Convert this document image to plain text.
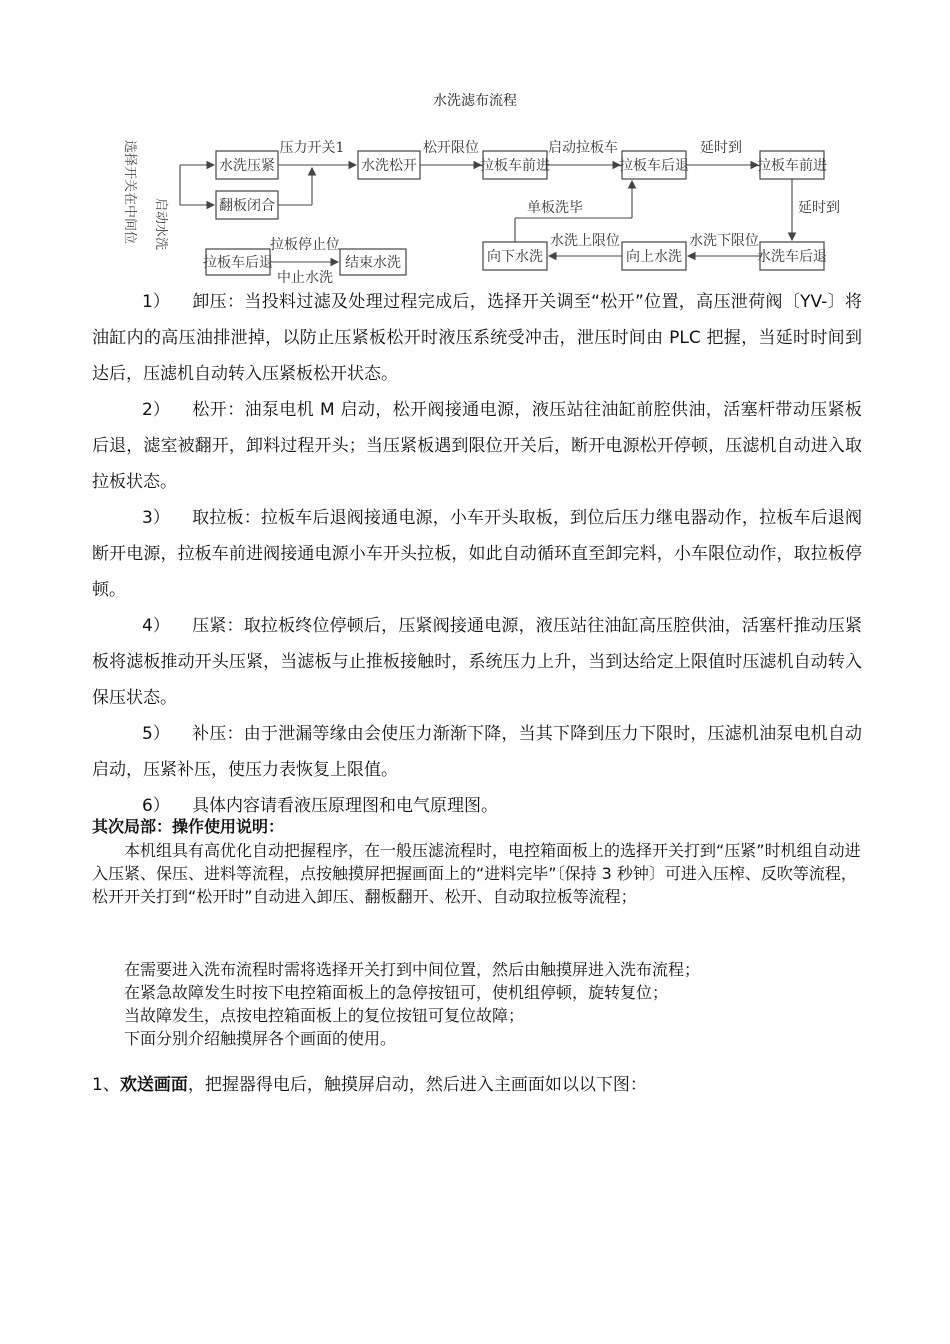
水洗滤布流程
选择开关在中间位 启动水洗
水洗压紧
翻板闭合
水洗松开	拉板车前进	拉板车后退	拉板车前进
水洗车后退
向上水洗
向下水洗
拉板车后退	结束水洗
压力开关1	松开限位	启动拉板车	延时到
延时到
水洗下限位
水洗上限位
单板洗毕
拉板停止位
中止水洗

1） 卸压：当投料过滤及处理过程完成后，选择开关调至“松开”位置，高压泄荷阀〔YV-〕将油缸内的高压油排泄掉，以防止压紧板松开时液压系统受冲击，泄压时间由 PLC 把握，当延时时间到达后，压滤机自动转入压紧板松开状态。

2） 松开：油泵电机 M 启动，松开阀接通电源，液压站往油缸前腔供油，活塞杆带动压紧板后退，滤室被翻开，卸料过程开头；当压紧板遇到限位开关后，断开电源松开停顿，压滤机自动进入取拉板状态。

3） 取拉板：拉板车后退阀接通电源，小车开头取板，到位后压力继电器动作，拉板车后退阀断开电源，拉板车前进阀接通电源小车开头拉板，如此自动循环直至卸完料，小车限位动作，取拉板停顿。

4） 压紧：取拉板终位停顿后，压紧阀接通电源，液压站往油缸高压腔供油，活塞杆推动压紧板将滤板推动开头压紧，当滤板与止推板接触时，系统压力上升，当到达给定上限值时压滤机自动转入保压状态。

5） 补压：由于泄漏等缘由会使压力渐渐下降，当其下降到压力下限时，压滤机油泵电机自动启动，压紧补压，使压力表恢复上限值。

6） 具体内容请看液压原理图和电气原理图。

其次局部：操作使用说明：

本机组具有高优化自动把握程序，在一般压滤流程时，电控箱面板上的选择开关打到“压紧”时机组自动进入压紧、保压、进料等流程，点按触摸屏把握画面上的“进料完毕”〔保持 3 秒钟〕可进入压榨、反吹等流程，松开开关打到“松开时”自动进入卸压、翻板翻开、松开、自动取拉板等流程；

在需要进入洗布流程时需将选择开关打到中间位置，然后由触摸屏进入洗布流程；

在紧急故障发生时按下电控箱面板上的急停按钮可，使机组停顿，旋转复位；

当故障发生，点按电控箱面板上的复位按钮可复位故障；

下面分别介绍触摸屏各个画面的使用。

1、欢送画面，把握器得电后，触摸屏启动，然后进入主画面如以以下图：
